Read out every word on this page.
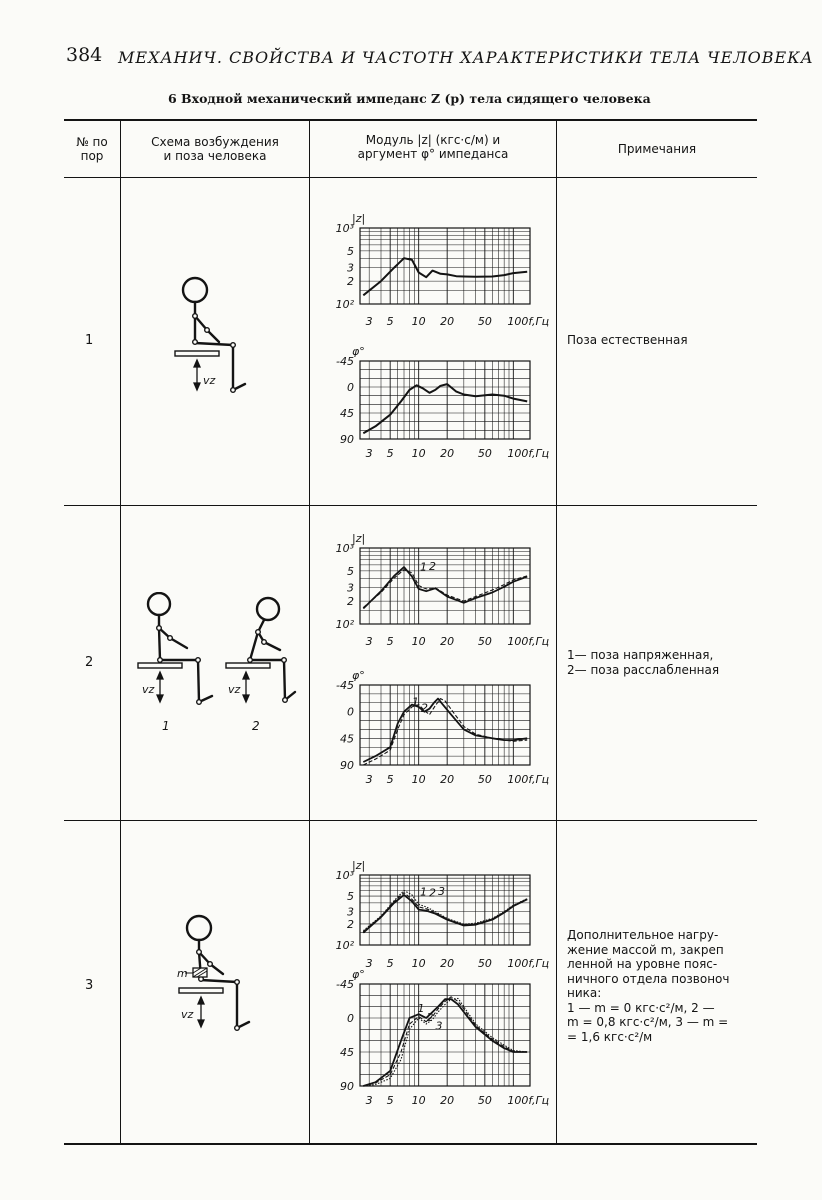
384 МЕХАНИЧ. СВОЙСТВА И ЧАСТОТН ХАРАКТЕРИСТИКИ ТЕЛА ЧЕЛОВЕКА
6 Входной механический импеданс Z (p) тела сидящего человека
№ по
пор
Схема возбуждения
и поза человека
Модуль |z| (кгс·с/м) и
аргумент φ° импеданса	Примечания
1
2
3
Поза естественная
1— поза напряженная,
2— поза расслабленная
Дополнительное нагру-
жение массой m, закреп
ленной на уровне пояс-
ничного отдела позвоноч
ника:
1 — m = 0 кгс·с²/м, 2 —
m = 0,8 кгс·с²/м, 3 — m =
= 1,6 кгс·с²/м
vz
vz
1
vz
2
m
vz
|z|
10³
5
3
2
10²
3 5 10 20 50 100f,Гц
φ°
-45
0
45
90
3 5 10 20 50 100f,Гц
|z|
10³
5
3
2
10²
3 5 10 20 50 100f,Гц
1 2
φ°
-45
0
45
90
3 5 10 20 50 100f,Гц
1 2
|z|
10³
5
3
2
10²
3 5 10 20 50 100f,Гц
1 2 3
φ°
-45
0
45
90
3 5 10 20 50 100f,Гц
1
2
3
